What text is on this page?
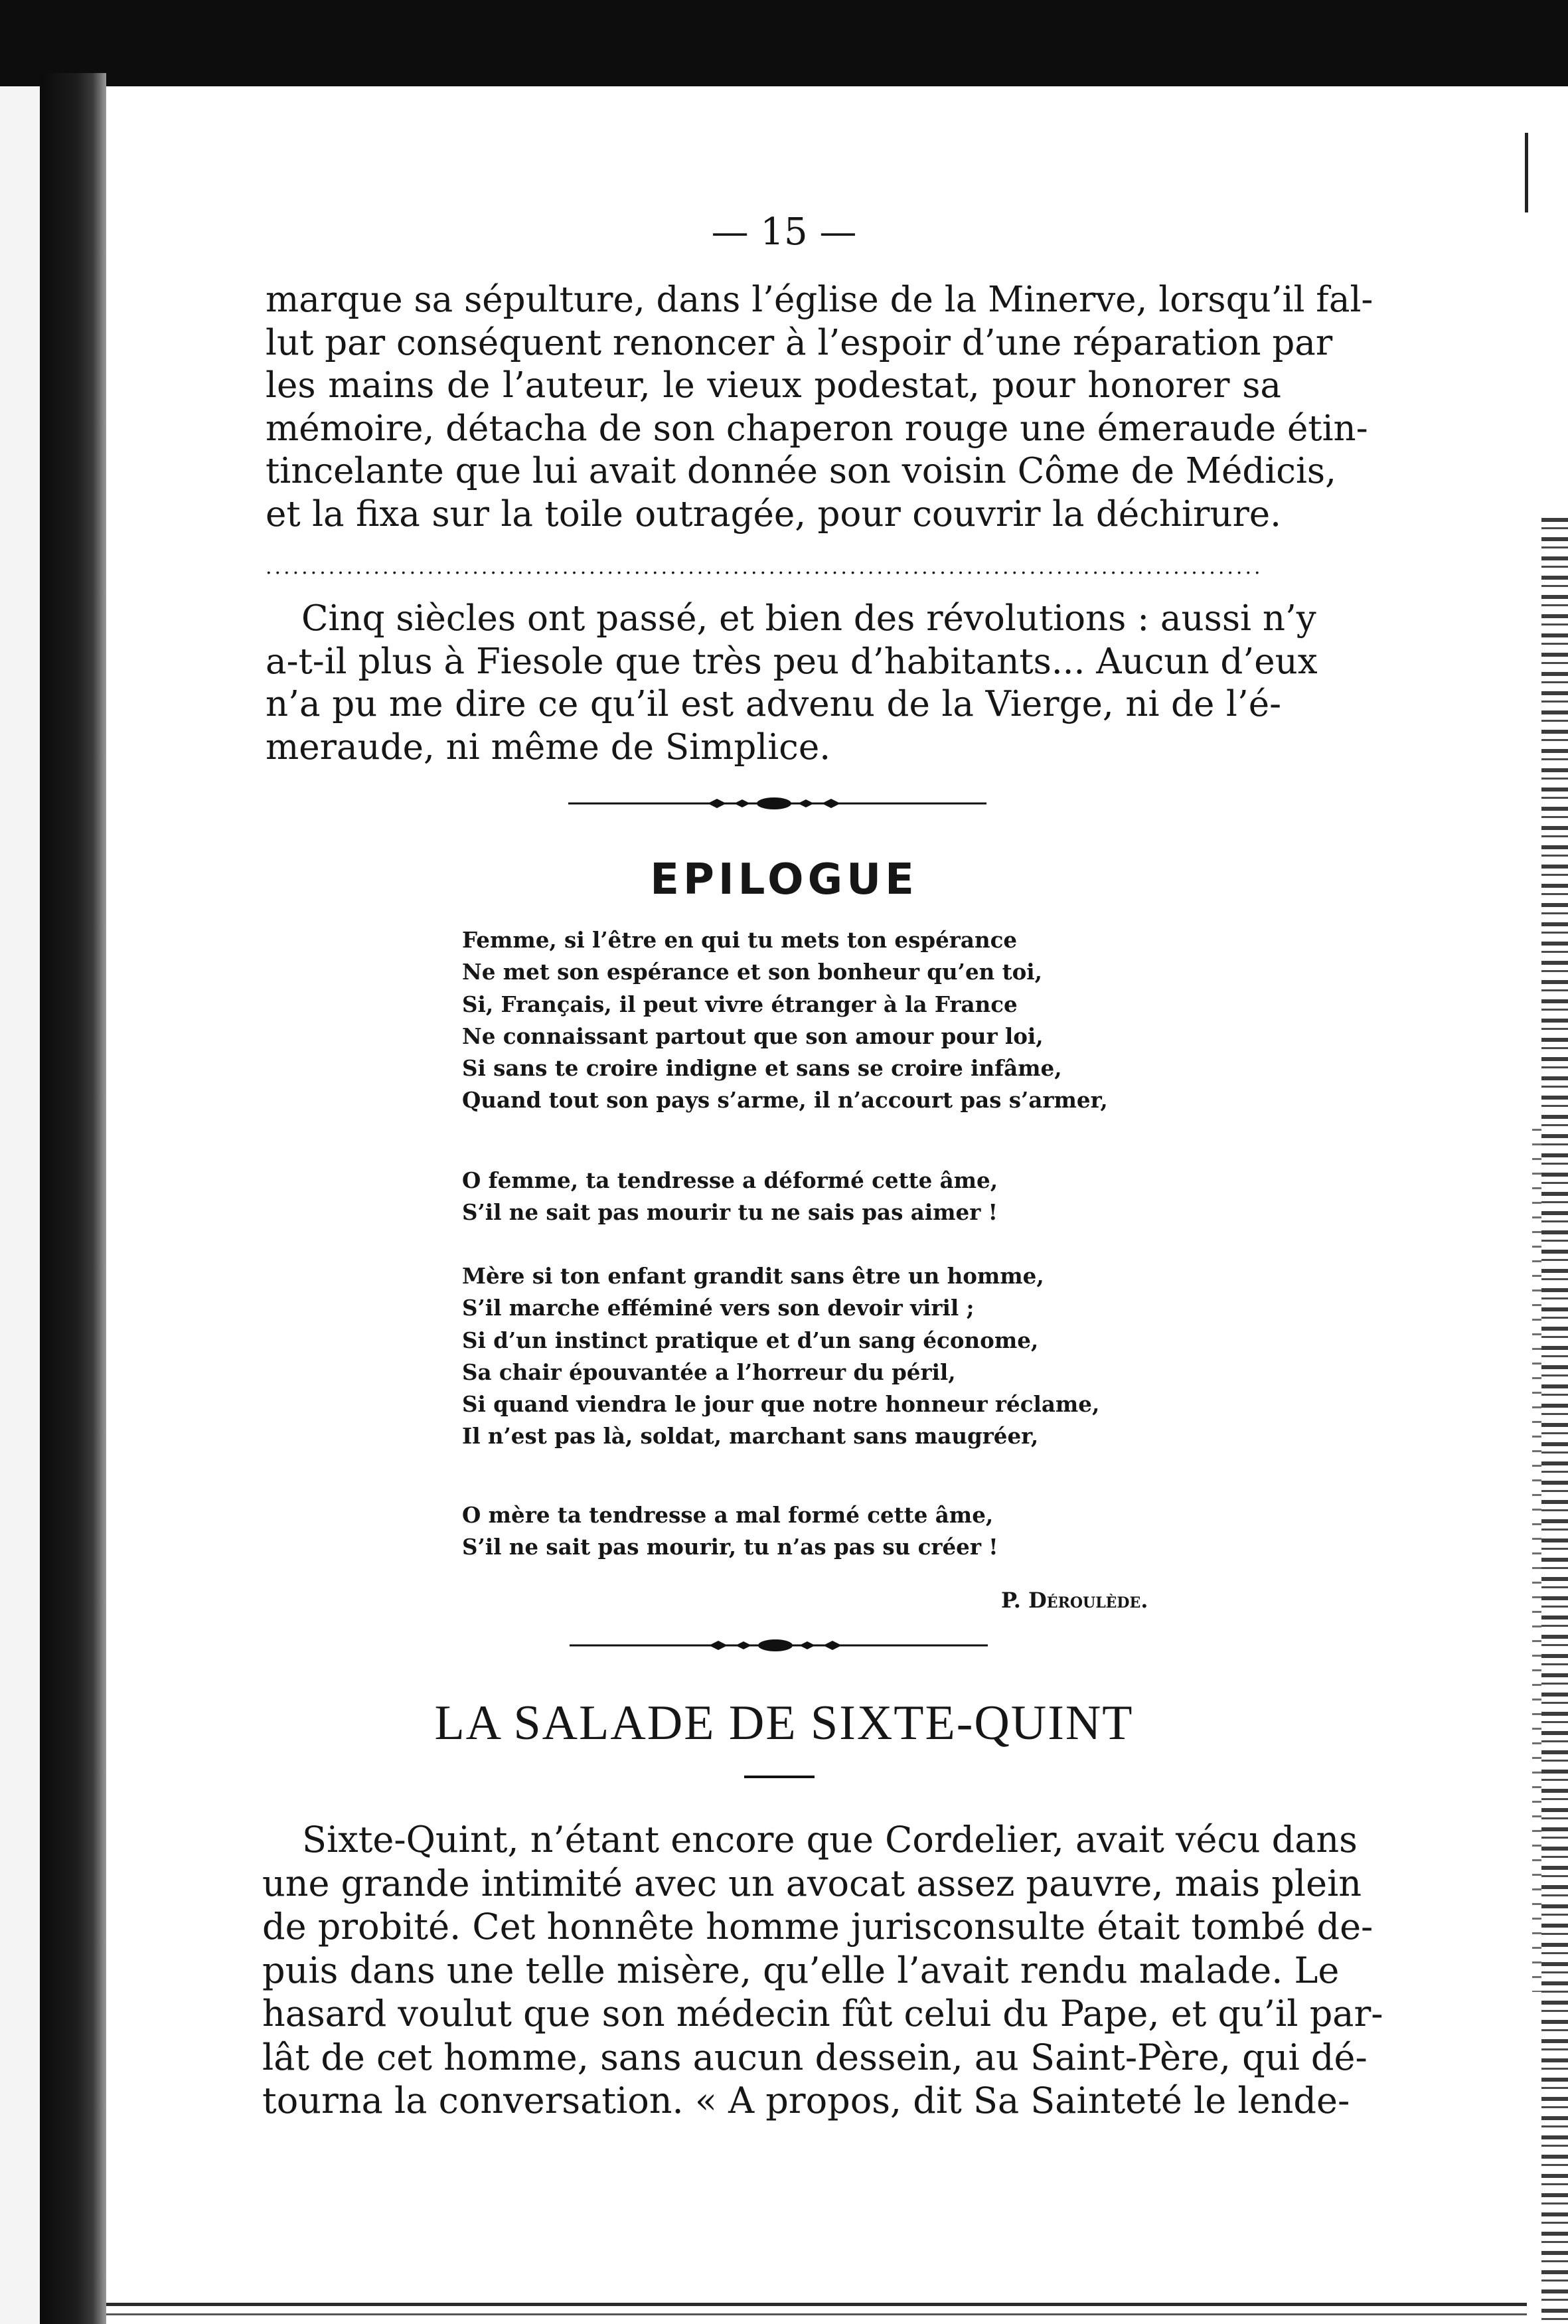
— 15 —
marque sa sépulture, dans l’église de la Minerve, lorsqu’il fal-
lut par conséquent renoncer à l’espoir d’une réparation par
les mains de l’auteur, le vieux podestat, pour honorer sa
mémoire, détacha de son chaperon rouge une émeraude étin-
tincelante que lui avait donnée son voisin Côme de Médicis,
et la fixa sur la toile outragée, pour couvrir la déchirure.
...............................................................................................................
Cinq siècles ont passé, et bien des révolutions : aussi n’y
a-t-il plus à Fiesole que très peu d’habitants... Aucun d’eux
n’a pu me dire ce qu’il est advenu de la Vierge, ni de l’é-
meraude, ni même de Simplice.
EPILOGUE
Femme, si l’être en qui tu mets ton espérance
Ne met son espérance et son bonheur qu’en toi,
Si, Français, il peut vivre étranger à la France
Ne connaissant partout que son amour pour loi,
Si sans te croire indigne et sans se croire infâme,
Quand tout son pays s’arme, il n’accourt pas s’armer,
O femme, ta tendresse a déformé cette âme,
S’il ne sait pas mourir tu ne sais pas aimer !
Mère si ton enfant grandit sans être un homme,
S’il marche efféminé vers son devoir viril ;
Si d’un instinct pratique et d’un sang économe,
Sa chair épouvantée a l’horreur du péril,
Si quand viendra le jour que notre honneur réclame,
Il n’est pas là, soldat, marchant sans maugréer,
O mère ta tendresse a mal formé cette âme,
S’il ne sait pas mourir, tu n’as pas su créer !
P. Déroulède.
LA SALADE DE SIXTE-QUINT
Sixte-Quint, n’étant encore que Cordelier, avait vécu dans
une grande intimité avec un avocat assez pauvre, mais plein
de probité. Cet honnête homme jurisconsulte était tombé de-
puis dans une telle misère, qu’elle l’avait rendu malade. Le
hasard voulut que son médecin fût celui du Pape, et qu’il par-
lât de cet homme, sans aucun dessein, au Saint-Père, qui dé-
tourna la conversation. « A propos, dit Sa Sainteté le lende-
